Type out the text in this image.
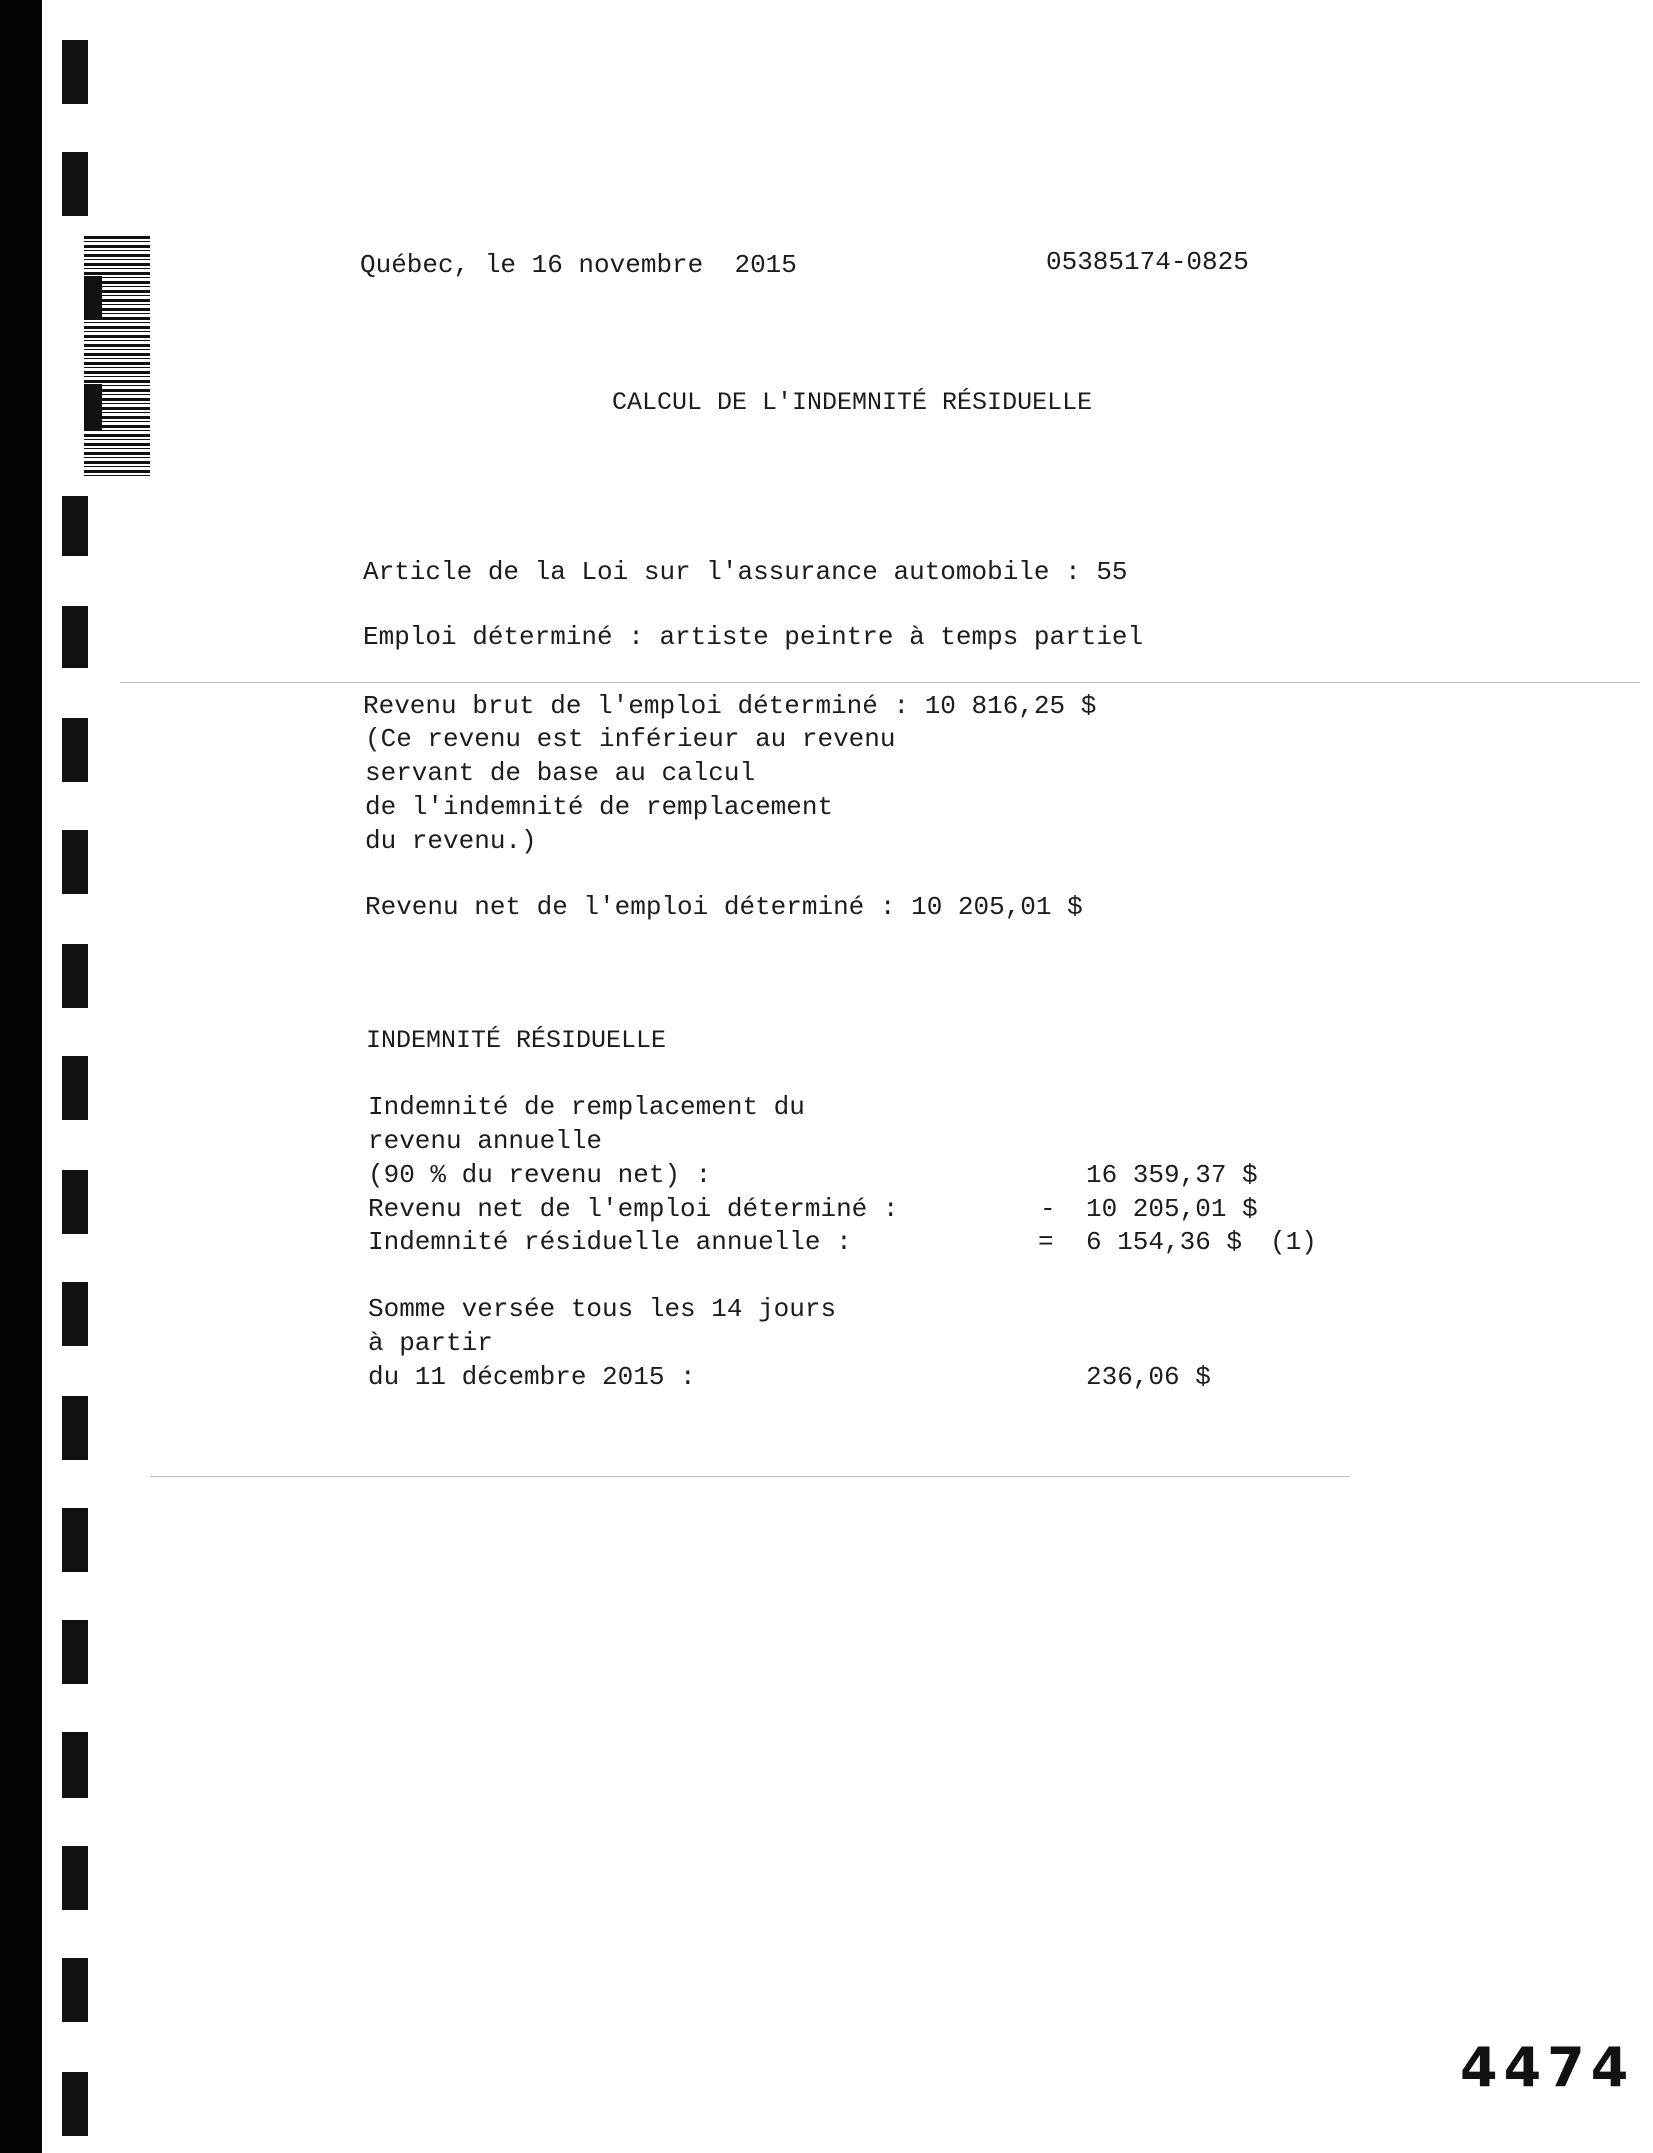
Québec, le 16 novembre  2015	05385174-0825
CALCUL DE L'INDEMNITÉ RÉSIDUELLE
Article de la Loi sur l'assurance automobile : 55
Emploi déterminé : artiste peintre à temps partiel
Revenu brut de l'emploi déterminé : 10 816,25 $
(Ce revenu est inférieur au revenu
servant de base au calcul
de l'indemnité de remplacement
du revenu.)
Revenu net de l'emploi déterminé : 10 205,01 $
INDEMNITÉ RÉSIDUELLE
Indemnité de remplacement du
revenu annuelle
(90 % du revenu net) :	16 359,37 $
Revenu net de l'emploi déterminé :	- 10 205,01 $
Indemnité résiduelle annuelle :	= 6 154,36 $ (1)
Somme versée tous les 14 jours
à partir
du 11 décembre 2015 :	236,06 $
4474
